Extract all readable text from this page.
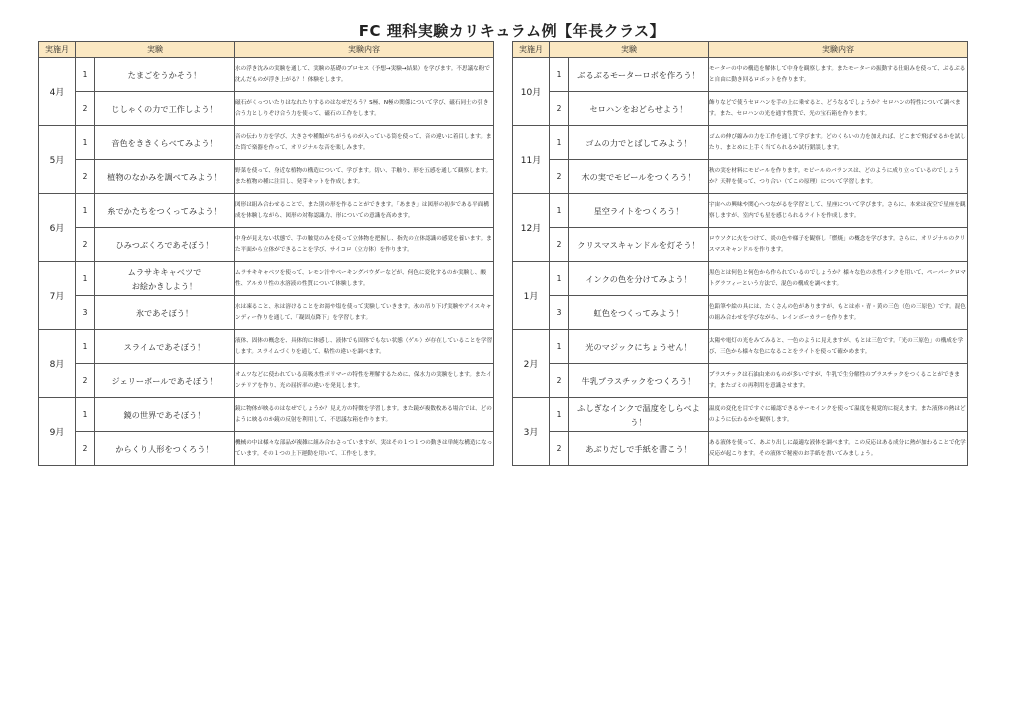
FC 理科実験カリキュラム例【年長クラス】
実施月	実験		実験内容
4月	1	たまごをうかそう！	水の浮き沈みの実験を通して、実験の基礎のプロセス（予想→実験→結果）を学びます。不思議な粉で沈んだものが浮き上がる？！体験をします。
	2	じしゃくの力で工作しよう！	磁石がくっついたりはなれたりするのはなぜだろう？S極、N極の関係について学び、磁石同士の引き合う力としりぞけ合う力を使って、磁石の工作をします。
5月	1	音色をききくらべてみよう！	音の伝わり方を学び、大きさや種類がちがうものが入っている筒を使って、音の違いに着目します。また筒で楽器を作って、オリジナルな音を楽しみます。
	2	植物のなかみを調べてみよう！	野菜を使って、身近な植物の構造について、学びます。切い、手触り、形を五感を通して観察します。また植物の種に注目し、発芽キットを作成します。
6月	1	糸でかたちをつくってみよう！	図形は組み合わせることで、また別の形を作ることができます。「あまき」は図形の初歩である平面構成を体験しながら、図形の対称認識力、形についての意識を高めます。
	2	ひみつぶくろであそぼう！	中身が見えない状態で、手の触覚のみを使って立体物を把握し、指先の立体認識の感覚を養います。また平面から立体ができることを学び、サイコロ（立方体）を作ります。
7月	1	ムラサキキャベツで
お絵かきしよう！	ムラサキキャベツを使って、レモン汁やベーキングパウダーなどが、何色に変化するのか実験し、酸性、アルカリ性の水溶液の性質について体験します。
	3	氷であそぼう！	水は凍ること、氷は溶けることをお湯や塩を使って実験していきます。氷の吊り下げ実験やアイスキャンディー作りを通して、「凝固点降下」を学習します。
8月	1	スライムであそぼう！	液体、固体の概念を、具体的に体感し、液体でも固体でもない状態（ゲル）が存在していることを学習します。スライムづくりを通して、粘性の違いを調べます。
	2	ジェリーボールであそぼう！	オムツなどに使われている高吸水性ポリマーの特性を理解するために、保水力の実験をします。またインテリアを作り、光の屈折率の違いを発見します。
9月	1	鏡の世界であそぼう！	鏡に物体が映るのはなぜでしょうか？見え方の特徴を学習します。また鏡が複数枚ある場合では、どのように映るのか鏡の反射を利用して、不思議な箱を作ります。
	2	からくり人形をつくろう！	機械の中は様々な部品が複雑に組み合わさっていますが、実はその１つ１つの動きは単純な構造になっています。その１つの上下運動を用いて、工作をします。
実施月	実験		実験内容
10月	1	ぶるぶるモーターロボを作ろう！	モーターの中の構造を解体して中身を観察します。またモーターの振動する仕組みを使って、ぶるぶると自由に動き回るロボットを作ります。
	2	セロハンをおどらせよう！	飾りなどで使うセロハンを手の上に乗せると、どうなるでしょうか？セロハンの特性について調べます。また、セロハンの光を通す性質で、光の宝石箱を作ります。
11月	1	ゴムの力でとばしてみよう！	ゴムの伸び縮みの力を工作を通して学びます。どのくらいの力を加えれば、どこまで飛ばせるかを試したり、まとめに上手く当てられるか試行錯誤します。
	2	木の実でモビールをつくろう！	秋の実を材料にモビールを作ります。モビールのバランスは、どのように成り立っているのでしょうか？天秤を使って、つり合い（てこの原理）について学習します。
12月	1	星空ライトをつくろう！	宇宙への興味や関心へつながるを学習として、星座について学びます。さらに、本来は夜空で星座を観察しますが、室内でも星を感じられるライトを作成します。
	2	クリスマスキャンドルを灯そう！	ロウソクに火をつけて、炎の色や様子を観察し「燃焼」の概念を学びます。さらに、オリジナルのクリスマスキャンドルを作ります。
1月	1	インクの色を分けてみよう！	黒色とは何色と何色から作られているのでしょうか？様々な色の水性インクを用いて、ペーパークロマトグラフィーという方法で、混色の構成を調べます。
	3	虹色をつくってみよう！	色鉛筆や絵の具には、たくさんの色がありますが、もとは赤・青・黄の三色（色の三原色）です。混色の組み合わせを学びながら、レインボーカラーを作ります。
2月	1	光のマジックにちょうせん！	太陽や電灯の光をみてみると、一色のように見えますが、もとは三色です。「光の三原色」の構成を学び、三色から様々な色になることをライトを使って確かめます。
	2	牛乳プラスチックをつくろう！	プラスチックは石油由来のものが多いですが、牛乳で生分解性のプラスチックをつくることができます。またゴミの再利用を意識させます。
3月	1	ふしぎなインクで温度をしらべよう！	温度の変化を目ですぐに確認できるサーモインクを使って温度を視覚的に捉えます。また液体の熱はどのように伝わるかを観察します。
	2	あぶりだしで手紙を書こう！	ある液体を使って、あぶり出しに最適な液体を調べます。この反応はある成分に熱が加わることで化学反応が起こります。その液体で秘密のお手紙を書いてみましょう。
